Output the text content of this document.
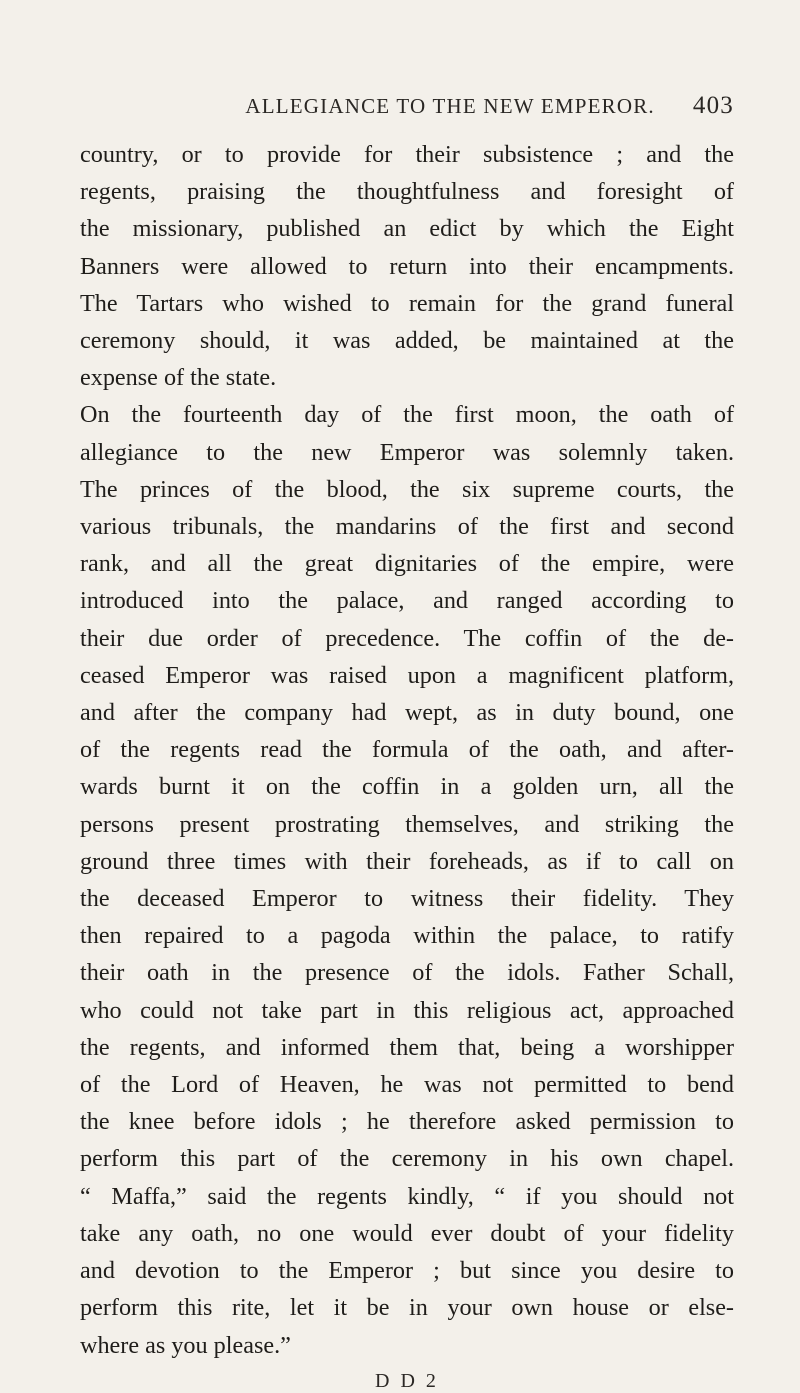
ALLEGIANCE TO THE NEW EMPEROR. 403
country, or to provide for their subsistence ; and the
regents, praising the thoughtfulness and foresight of
the missionary, published an edict by which the Eight
Banners were allowed to return into their encampments.
The Tartars who wished to remain for the grand funeral
ceremony should, it was added, be maintained at the
expense of the state.
On the fourteenth day of the first moon, the oath of
allegiance to the new Emperor was solemnly taken.
The princes of the blood, the six supreme courts, the
various tribunals, the mandarins of the first and second
rank, and all the great dignitaries of the empire, were
introduced into the palace, and ranged according to
their due order of precedence. The coffin of the de-
ceased Emperor was raised upon a magnificent platform,
and after the company had wept, as in duty bound, one
of the regents read the formula of the oath, and after-
wards burnt it on the coffin in a golden urn, all the
persons present prostrating themselves, and striking the
ground three times with their foreheads, as if to call on
the deceased Emperor to witness their fidelity. They
then repaired to a pagoda within the palace, to ratify
their oath in the presence of the idols. Father Schall,
who could not take part in this religious act, approached
the regents, and informed them that, being a worshipper
of the Lord of Heaven, he was not permitted to bend
the knee before idols ; he therefore asked permission to
perform this part of the ceremony in his own chapel.
“ Maffa,” said the regents kindly, “ if you should not
take any oath, no one would ever doubt of your fidelity
and devotion to the Emperor ; but since you desire to
perform this rite, let it be in your own house or else-
where as you please.”
D D 2
